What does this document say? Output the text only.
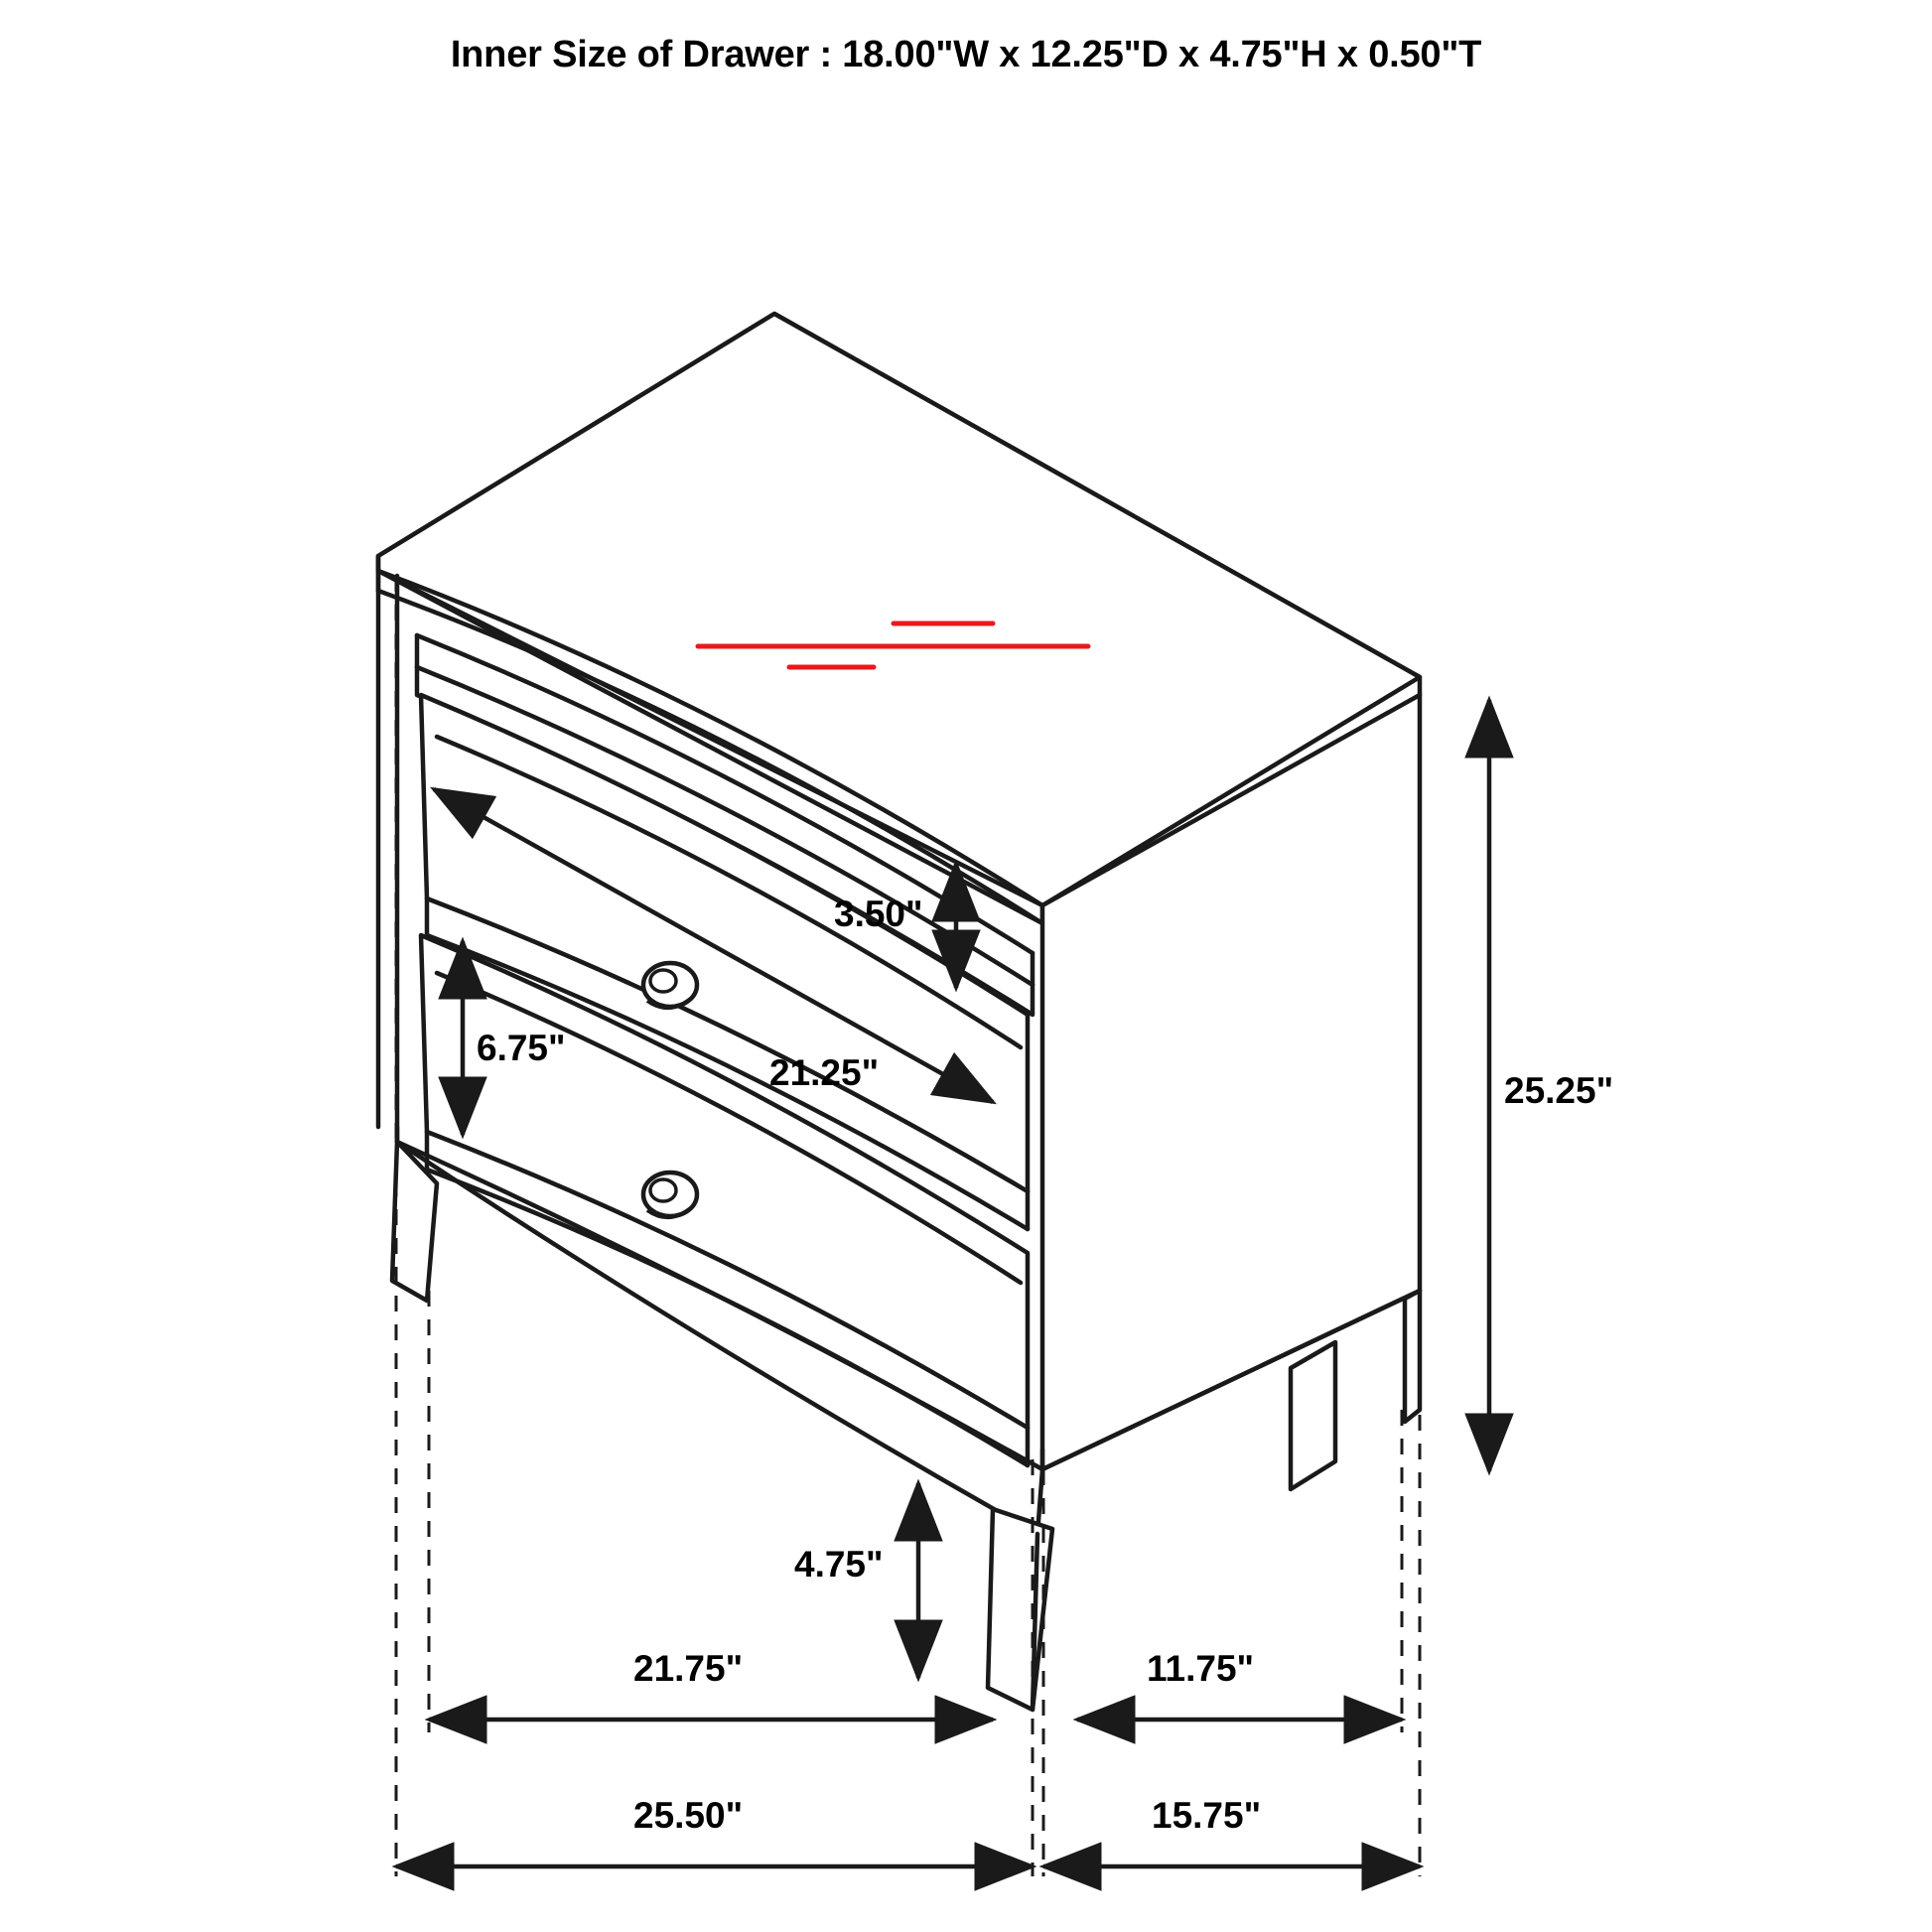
Inner Size of Drawer : 18.00"W x 12.25"D x 4.75"H x 0.50"T
3.50"
6.75"
21.25"	25.25"
4.75"
21.75"	11.75"
25.50"	15.75"
